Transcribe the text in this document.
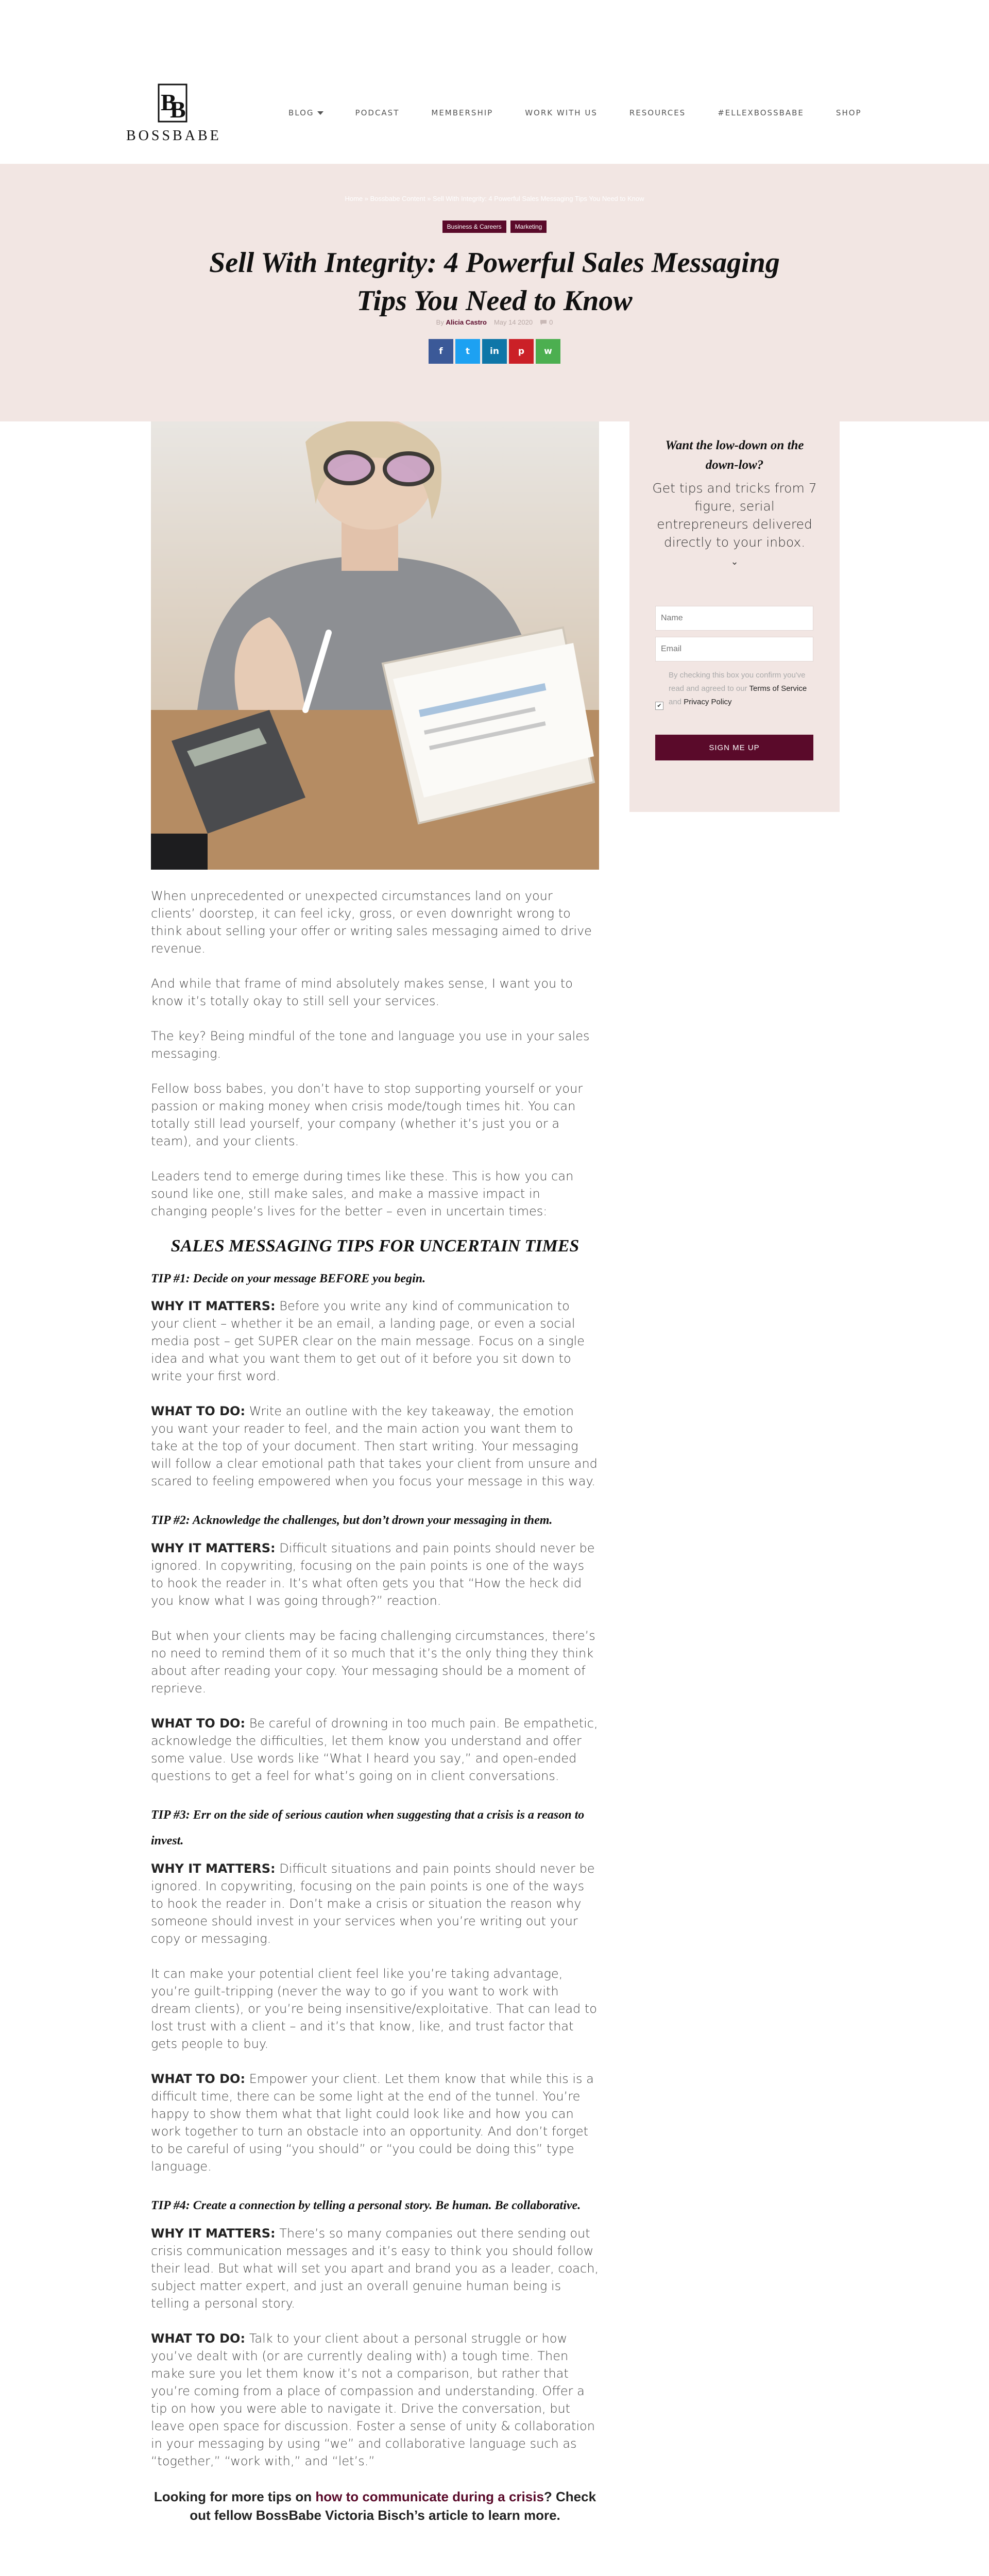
B
B
BOSSBABE
BLOG	PODCAST	MEMBERSHIP	WORK WITH US	RESOURCES	#ELLEXBOSSBABE	SHOP
Home » Bossbabe Content » Sell With Integrity: 4 Powerful Sales Messaging Tips You Need to Know
Business & Careers	Marketing
Sell With Integrity: 4 Powerful Sales Messaging Tips You Need to Know
By Alicia Castro May 14 2020 0
f	t in p w
Want the low-down on the down-low?
Get tips and tricks from 7 figure, serial entrepreneurs delivered directly to your inbox.
⌄
Name
Email
✔
By checking this box you confirm you've read and agreed to our Terms of Service and Privacy Policy
SIGN ME UP

When unprecedented or unexpected circumstances land on your clients’ doorstep, it can feel icky, gross, or even downright wrong to think about selling your offer or writing sales messaging aimed to drive revenue.

And while that frame of mind absolutely makes sense, I want you to know it’s totally okay to still sell your services.

The key? Being mindful of the tone and language you use in your sales messaging.

Fellow boss babes, you don’t have to stop supporting yourself or your passion or making money when crisis mode/tough times hit. You can totally still lead yourself, your company (whether it’s just you or a team), and your clients.

Leaders tend to emerge during times like these. This is how you can sound like one, still make sales, and make a massive impact in changing people’s lives for the better – even in uncertain times:

SALES MESSAGING TIPS FOR UNCERTAIN TIMES
TIP #1: Decide on your message BEFORE you begin.

WHY IT MATTERS: Before you write any kind of communication to your client – whether it be an email, a landing page, or even a social media post – get SUPER clear on the main message. Focus on a single idea and what you want them to get out of it before you sit down to write your first word.

WHAT TO DO: Write an outline with the key takeaway, the emotion you want your reader to feel, and the main action you want them to take at the top of your document. Then start writing. Your messaging will follow a clear emotional path that takes your client from unsure and scared to feeling empowered when you focus your message in this way.

TIP #2: Acknowledge the challenges, but don’t drown your messaging in them.

WHY IT MATTERS: Difficult situations and pain points should never be ignored. In copywriting, focusing on the pain points is one of the ways to hook the reader in. It’s what often gets you that “How the heck did you know what I was going through?” reaction.

But when your clients may be facing challenging circumstances, there’s no need to remind them of it so much that it’s the only thing they think about after reading your copy. Your messaging should be a moment of reprieve.

WHAT TO DO: Be careful of drowning in too much pain. Be empathetic, acknowledge the difficulties, let them know you understand and offer some value. Use words like “What I heard you say,” and open-ended questions to get a feel for what’s going on in client conversations.

TIP #3: Err on the side of serious caution when suggesting that a crisis is a reason to invest.

WHY IT MATTERS: Difficult situations and pain points should never be ignored. In copywriting, focusing on the pain points is one of the ways to hook the reader in. Don’t make a crisis or situation the reason why someone should invest in your services when you’re writing out your copy or messaging.

It can make your potential client feel like you’re taking advantage, you’re guilt-tripping (never the way to go if you want to work with dream clients), or you’re being insensitive/exploitative. That can lead to lost trust with a client – and it’s that know, like, and trust factor that gets people to buy.

WHAT TO DO: Empower your client. Let them know that while this is a difficult time, there can be some light at the end of the tunnel. You’re happy to show them what that light could look like and how you can work together to turn an obstacle into an opportunity. And don’t forget to be careful of using “you should” or “you could be doing this” type language.

TIP #4: Create a connection by telling a personal story. Be human. Be collaborative.

WHY IT MATTERS: There’s so many companies out there sending out crisis communication messages and it’s easy to think you should follow their lead. But what will set you apart and brand you as a leader, coach, subject matter expert, and just an overall genuine human being is telling a personal story.

WHAT TO DO: Talk to your client about a personal struggle or how you’ve dealt with (or are currently dealing with) a tough time. Then make sure you let them know it’s not a comparison, but rather that you’re coming from a place of compassion and understanding. Offer a tip on how you were able to navigate it. Drive the conversation, but leave open space for discussion. Foster a sense of unity & collaboration in your messaging by using “we” and collaborative language such as “together,” “work with,” and “let’s.”

Looking for more tips on how to communicate during a crisis? Check out fellow BossBabe Victoria Bisch’s article to learn more.
